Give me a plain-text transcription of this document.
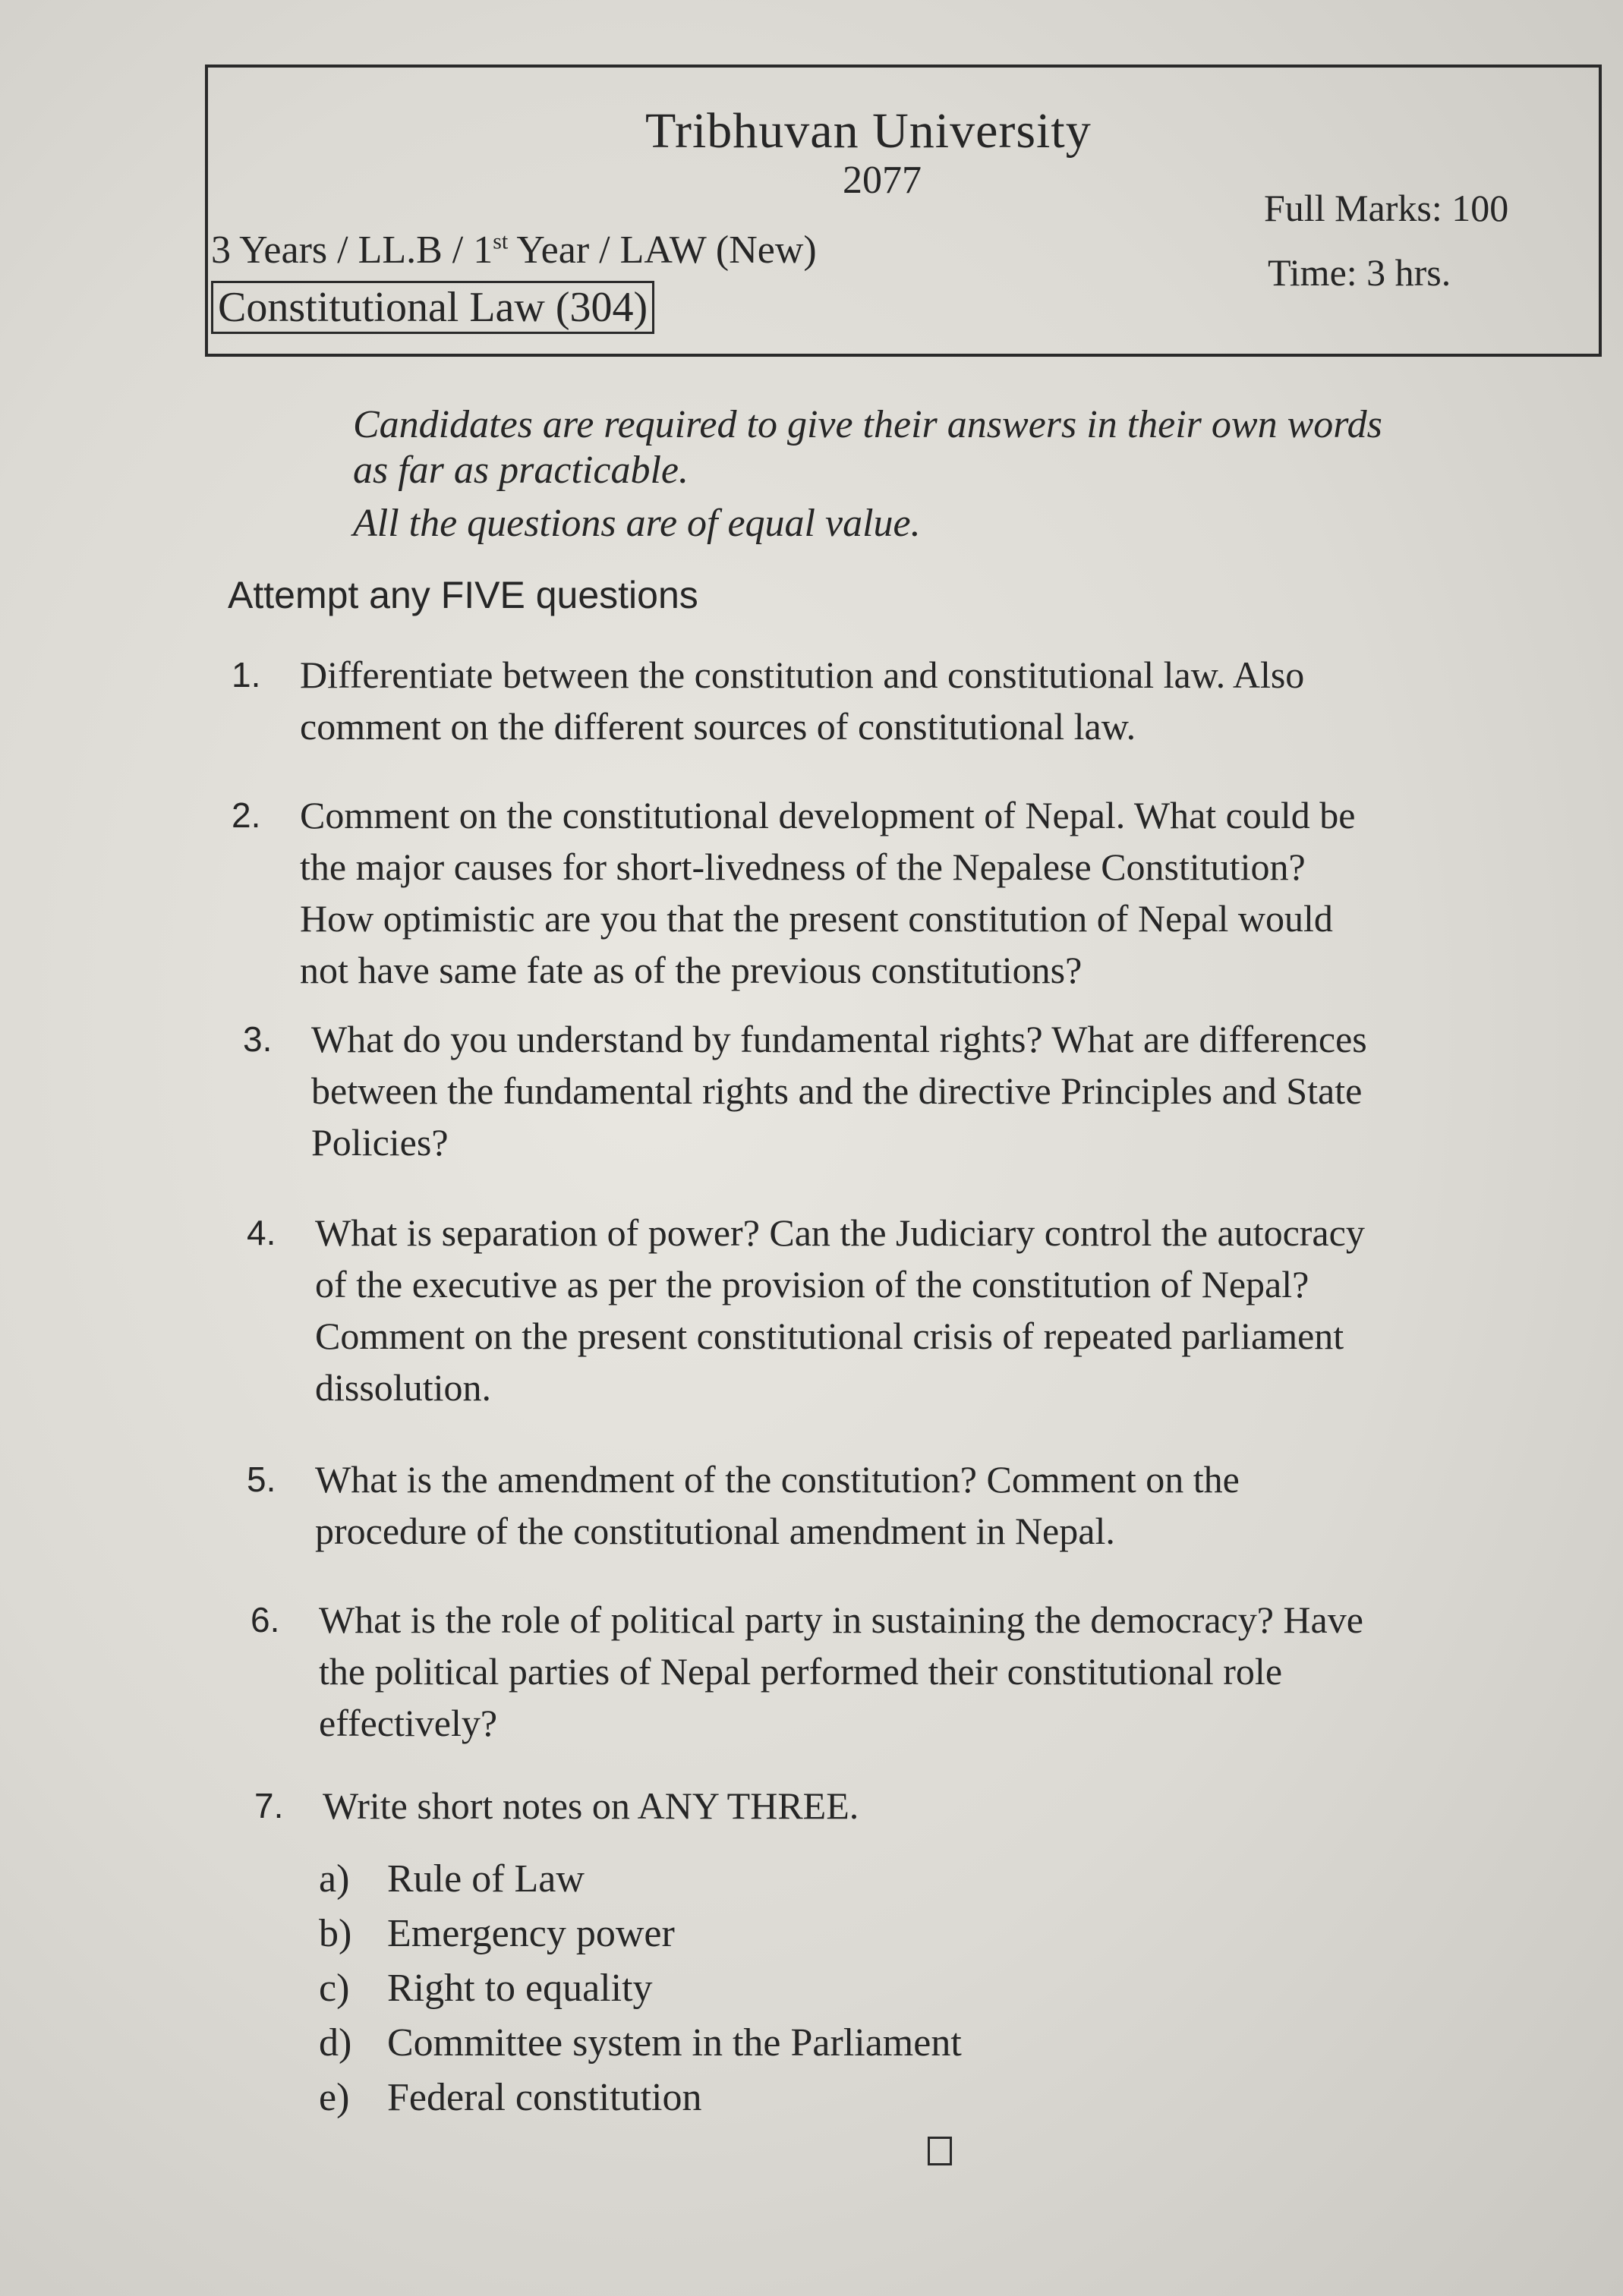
Tribhuvan University
2077
3 Years / LL.B / 1st Year / LAW (New)
Full Marks: 100
Time: 3 hrs.
Constitutional Law (304)
Candidates are required to give their answers in their own words
as far as practicable.
All the questions are of equal value.
Attempt any FIVE questions
1. Differentiate between the constitution and constitutional law. Also
comment on the different sources of constitutional law.
2. Comment on the constitutional development of Nepal. What could be
the major causes for short-livedness of the Nepalese Constitution?
How optimistic are you that the present constitution of Nepal would
not have same fate as of the previous constitutions?
3. What do you understand by fundamental rights? What are differences
between the fundamental rights and the directive Principles and State
Policies?
4. What is separation of power? Can the Judiciary control the autocracy
of the executive as per the provision of the constitution of Nepal?
Comment on the present constitutional crisis of repeated parliament
dissolution.
5. What is the amendment of the constitution? Comment on the
procedure of the constitutional amendment in Nepal.
6. What is the role of political party in sustaining the democracy? Have
the political parties of Nepal performed their constitutional role
effectively?
7. Write short notes on ANY THREE.
a) Rule of Law
b) Emergency power
c) Right to equality
d) Committee system in the Parliament
e) Federal constitution
